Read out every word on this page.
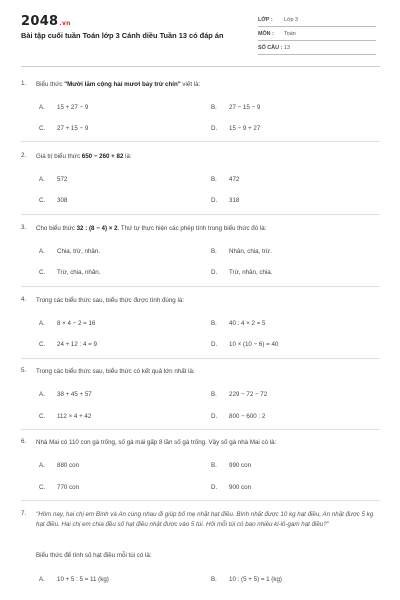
2048.vn
Bài tập cuối tuần Toán lớp 3 Cánh diều Tuần 13 có đáp án
LỚP : Lớp 3
MÔN : Toán
SỐ CÂU : 13
1. Biểu thức "Mười lăm cộng hai mươi bảy trừ chín" viết là:
A. 15 + 27 − 9	B. 27 − 15 − 9
C. 27 + 15 − 9	D. 15 − 9 + 27
2. Giá trị biểu thức 650 − 260 + 82 là:
A. 572	B. 472
C. 308	D. 318
3. Cho biểu thức 32 : (8 − 4) × 2. Thứ tự thực hiện các phép tính trong biểu thức đó là:
A. Chia, trừ, nhân.	B. Nhân, chia, trừ.
C. Trừ, chia, nhân.	D. Trừ, nhân, chia.
4. Trong các biểu thức sau, biểu thức được tính đúng là:
A. 8 × 4 − 2 = 16	B. 40 : 4 × 2 = 5
C. 24 + 12 : 4 = 9	D. 10 × (10 − 6) = 40
5. Trong các biểu thức sau, biểu thức có kết quả lớn nhất là:
A. 38 + 45 + 57	B. 229 − 72 − 72
C. 112 × 4 + 42	D. 800 − 600 : 2
6. Nhà Mai có 110 con gà trống, số gà mái gấp 8 lần số gà trống. Vậy số gà nhà Mai có là:
A. 880 con	B. 990 con
C. 770 con	D. 900 con
7. "Hôm nay, hai chị em Bình và An cùng nhau đi giúp bố mẹ nhặt hạt điều. Bình nhặt được 10 kg hạt điều, An nhặt được 5 kg hạt điều. Hai chị em chia đều số hạt điều nhặt được vào 5 túi. Hỏi mỗi túi có bao nhiêu ki-lô-gam hạt điều?"
Biểu thức để tính số hạt điều mỗi túi có là:
A. 10 + 5 : 5 = 11 (kg)	B. 10 : (5 + 5) = 1 (kg)
